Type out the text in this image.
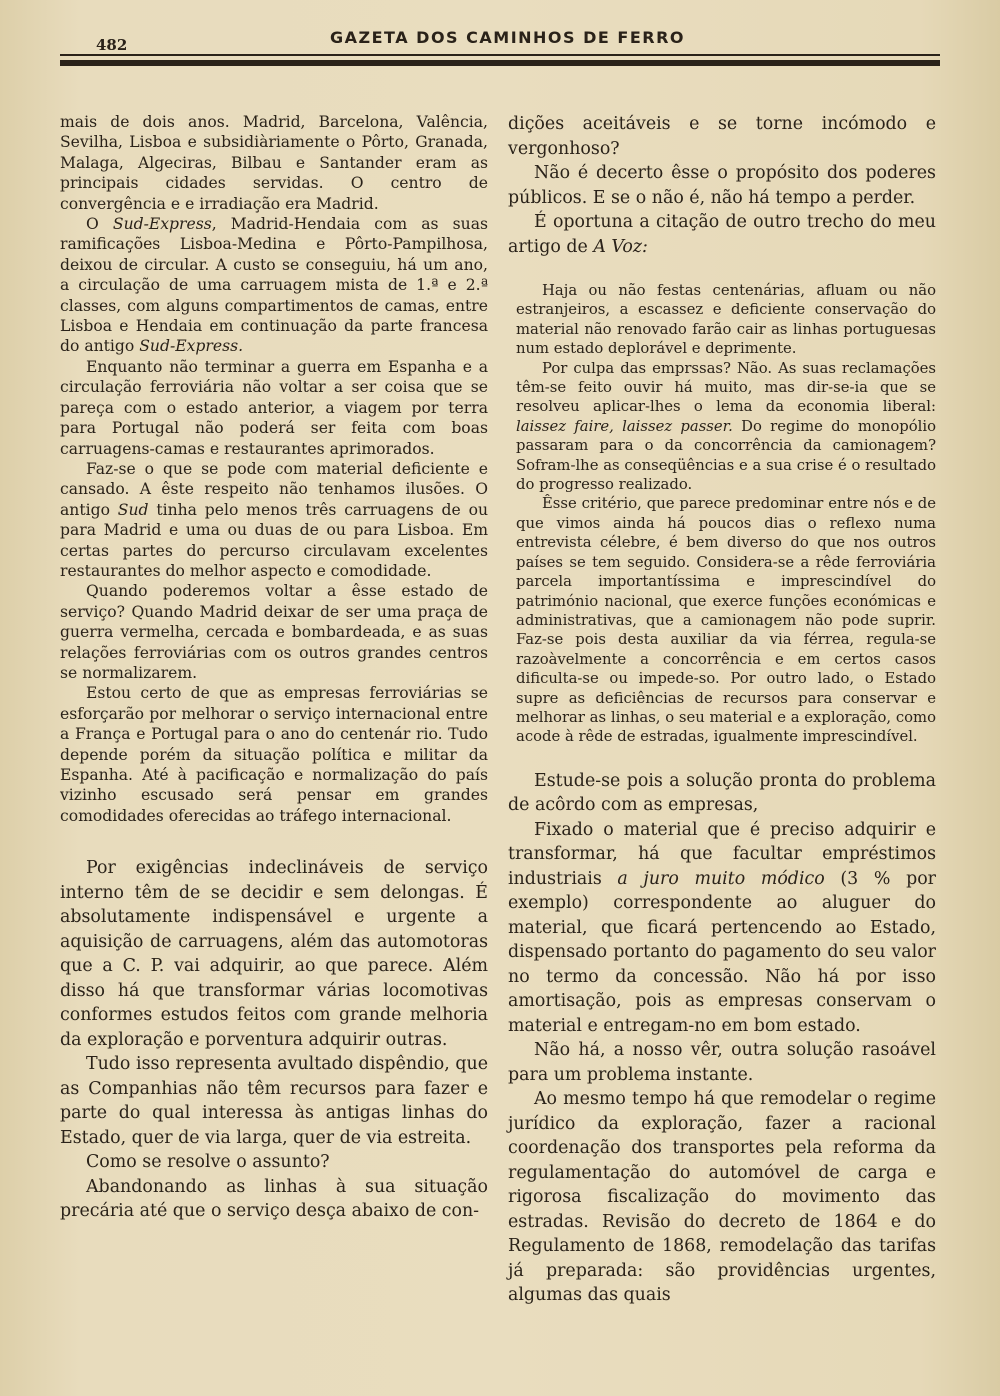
482	GAZETA DOS CAMINHOS DE FERRO

mais de dois anos. Madrid, Barcelona, Valência, Sevilha, Lisboa e subsidiàriamente o Pôrto, Granada, Malaga, Algeciras, Bilbau e Santander eram as principais cidades servidas. O centro de convergência e e irradiação era Madrid.

O Sud-Express, Madrid-Hendaia com as suas ramificações Lisboa-Medina e Pôrto-Pampilhosa, deixou de circular. A custo se conseguiu, há um ano, a circulação de uma carruagem mista de 1.ª e 2.ª classes, com alguns compartimentos de camas, entre Lisboa e Hendaia em continuação da parte francesa do antigo Sud-Express.

Enquanto não terminar a guerra em Espanha e a circulação ferroviária não voltar a ser coisa que se pareça com o estado anterior, a viagem por terra para Portugal não poderá ser feita com boas carruagens-camas e restaurantes aprimorados.

Faz-se o que se pode com material deficiente e cansado. A êste respeito não tenhamos ilusões. O antigo Sud tinha pelo menos três carruagens de ou para Madrid e uma ou duas de ou para Lisboa. Em certas partes do percurso circulavam excelentes restaurantes do melhor aspecto e comodidade.

Quando poderemos voltar a êsse estado de serviço? Quando Madrid deixar de ser uma praça de guerra vermelha, cercada e bombardeada, e as suas relações ferroviárias com os outros grandes centros se normalizarem.

Estou certo de que as empresas ferroviárias se esforçarão por melhorar o serviço internacional entre a França e Portugal para o ano do centenár rio. Tudo depende porém da situação política e militar da Espanha. Até à pacificação e normalização do país vizinho escusado será pensar em grandes comodidades oferecidas ao tráfego internacional.

Por exigências indeclináveis de serviço interno têm de se decidir e sem delongas. É absolutamente indispensável e urgente a aquisição de carruagens, além das automotoras que a C. P. vai adquirir, ao que parece. Além disso há que transformar várias locomotivas conformes estudos feitos com grande melhoria da exploração e porventura adquirir outras.

Tudo isso representa avultado dispêndio, que as Companhias não têm recursos para fazer e parte do qual interessa às antigas linhas do Estado, quer de via larga, quer de via estreita.

Como se resolve o assunto?

Abandonando as linhas à sua situação precária até que o serviço desça abaixo de con-

dições aceitáveis e se torne incómodo e vergonhoso?

Não é decerto êsse o propósito dos poderes públicos. E se o não é, não há tempo a perder.

É oportuna a citação de outro trecho do meu artigo de A Voz:

Haja ou não festas centenárias, afluam ou não estranjeiros, a escassez e deficiente conservação do material não renovado farão cair as linhas portuguesas num estado deplorável e deprimente.

Por culpa das emprssas? Não. As suas reclamações têm-se feito ouvir há muito, mas dir-se-ia que se resolveu aplicar-lhes o lema da economia liberal: laissez faire, laissez passer. Do regime do monopólio passaram para o da concorrência da camionagem? Sofram-lhe as conseqüências e a sua crise é o resultado do progresso realizado.

Êsse critério, que parece predominar entre nós e de que vimos ainda há poucos dias o reflexo numa entrevista célebre, é bem diverso do que nos outros países se tem seguido. Considera-se a rêde ferroviária parcela importantíssima e imprescindível do património nacional, que exerce funções económicas e administrativas, que a camionagem não pode suprir. Faz-se pois desta auxiliar da via férrea, regula-se razoàvelmente a concorrência e em certos casos dificulta-se ou impede-so. Por outro lado, o Estado supre as deficiências de recursos para conservar e melhorar as linhas, o seu material e a exploração, como acode à rêde de estradas, igualmente imprescindível.

Estude-se pois a solução pronta do problema de acôrdo com as empresas,

Fixado o material que é preciso adquirir e transformar, há que facultar empréstimos industriais a juro muito módico (3 % por exemplo) correspondente ao aluguer do material, que ficará pertencendo ao Estado, dispensado portanto do pagamento do seu valor no termo da concessão. Não há por isso amortisação, pois as empresas conservam o material e entregam-no em bom estado.

Não há, a nosso vêr, outra solução rasoável para um problema instante.

Ao mesmo tempo há que remodelar o regime jurídico da exploração, fazer a racional coordenação dos transportes pela reforma da regulamentação do automóvel de carga e rigorosa fiscalização do movimento das estradas. Revisão do decreto de 1864 e do Regulamento de 1868, remodelação das tarifas já preparada: são providências urgentes, algumas das quais
